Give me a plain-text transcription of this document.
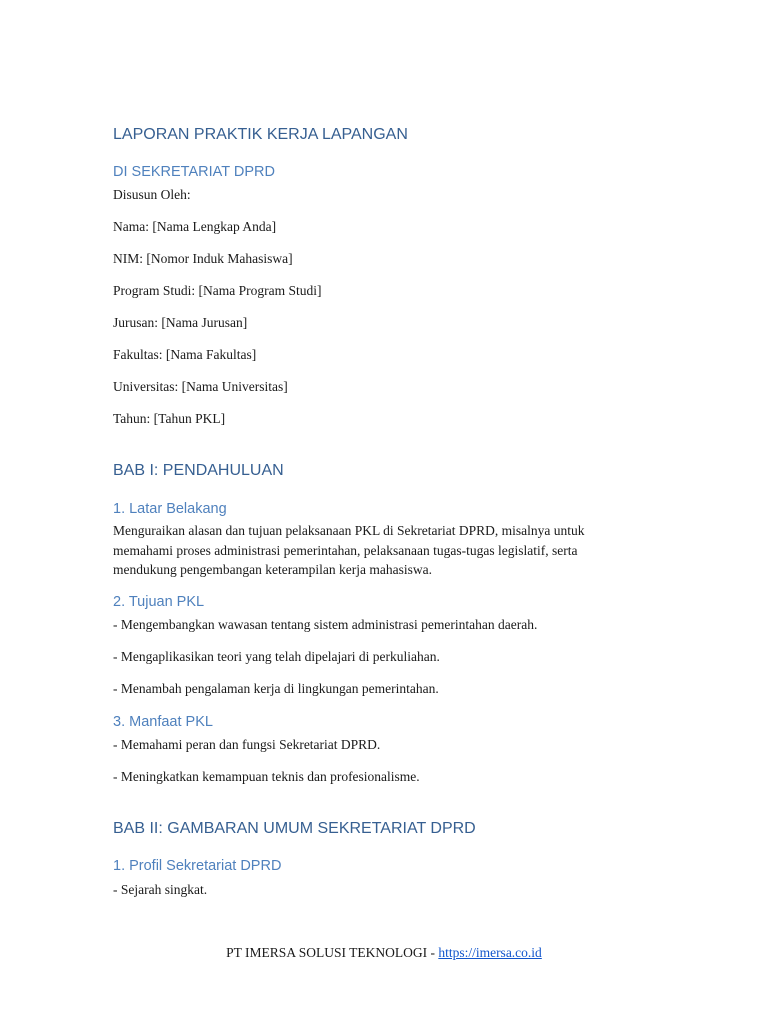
LAPORAN PRAKTIK KERJA LAPANGAN
DI SEKRETARIAT DPRD
Disusun Oleh:
Nama: [Nama Lengkap Anda]
NIM: [Nomor Induk Mahasiswa]
Program Studi: [Nama Program Studi]
Jurusan: [Nama Jurusan]
Fakultas: [Nama Fakultas]
Universitas: [Nama Universitas]
Tahun: [Tahun PKL]
BAB I: PENDAHULUAN
1. Latar Belakang
Menguraikan alasan dan tujuan pelaksanaan PKL di Sekretariat DPRD, misalnya untuk memahami proses administrasi pemerintahan, pelaksanaan tugas-tugas legislatif, serta mendukung pengembangan keterampilan kerja mahasiswa.
2. Tujuan PKL
- Mengembangkan wawasan tentang sistem administrasi pemerintahan daerah.
- Mengaplikasikan teori yang telah dipelajari di perkuliahan.
- Menambah pengalaman kerja di lingkungan pemerintahan.
3. Manfaat PKL
- Memahami peran dan fungsi Sekretariat DPRD.
- Meningkatkan kemampuan teknis dan profesionalisme.
BAB II: GAMBARAN UMUM SEKRETARIAT DPRD
1. Profil Sekretariat DPRD
- Sejarah singkat.
PT IMERSA SOLUSI TEKNOLOGI - https://imersa.co.id
